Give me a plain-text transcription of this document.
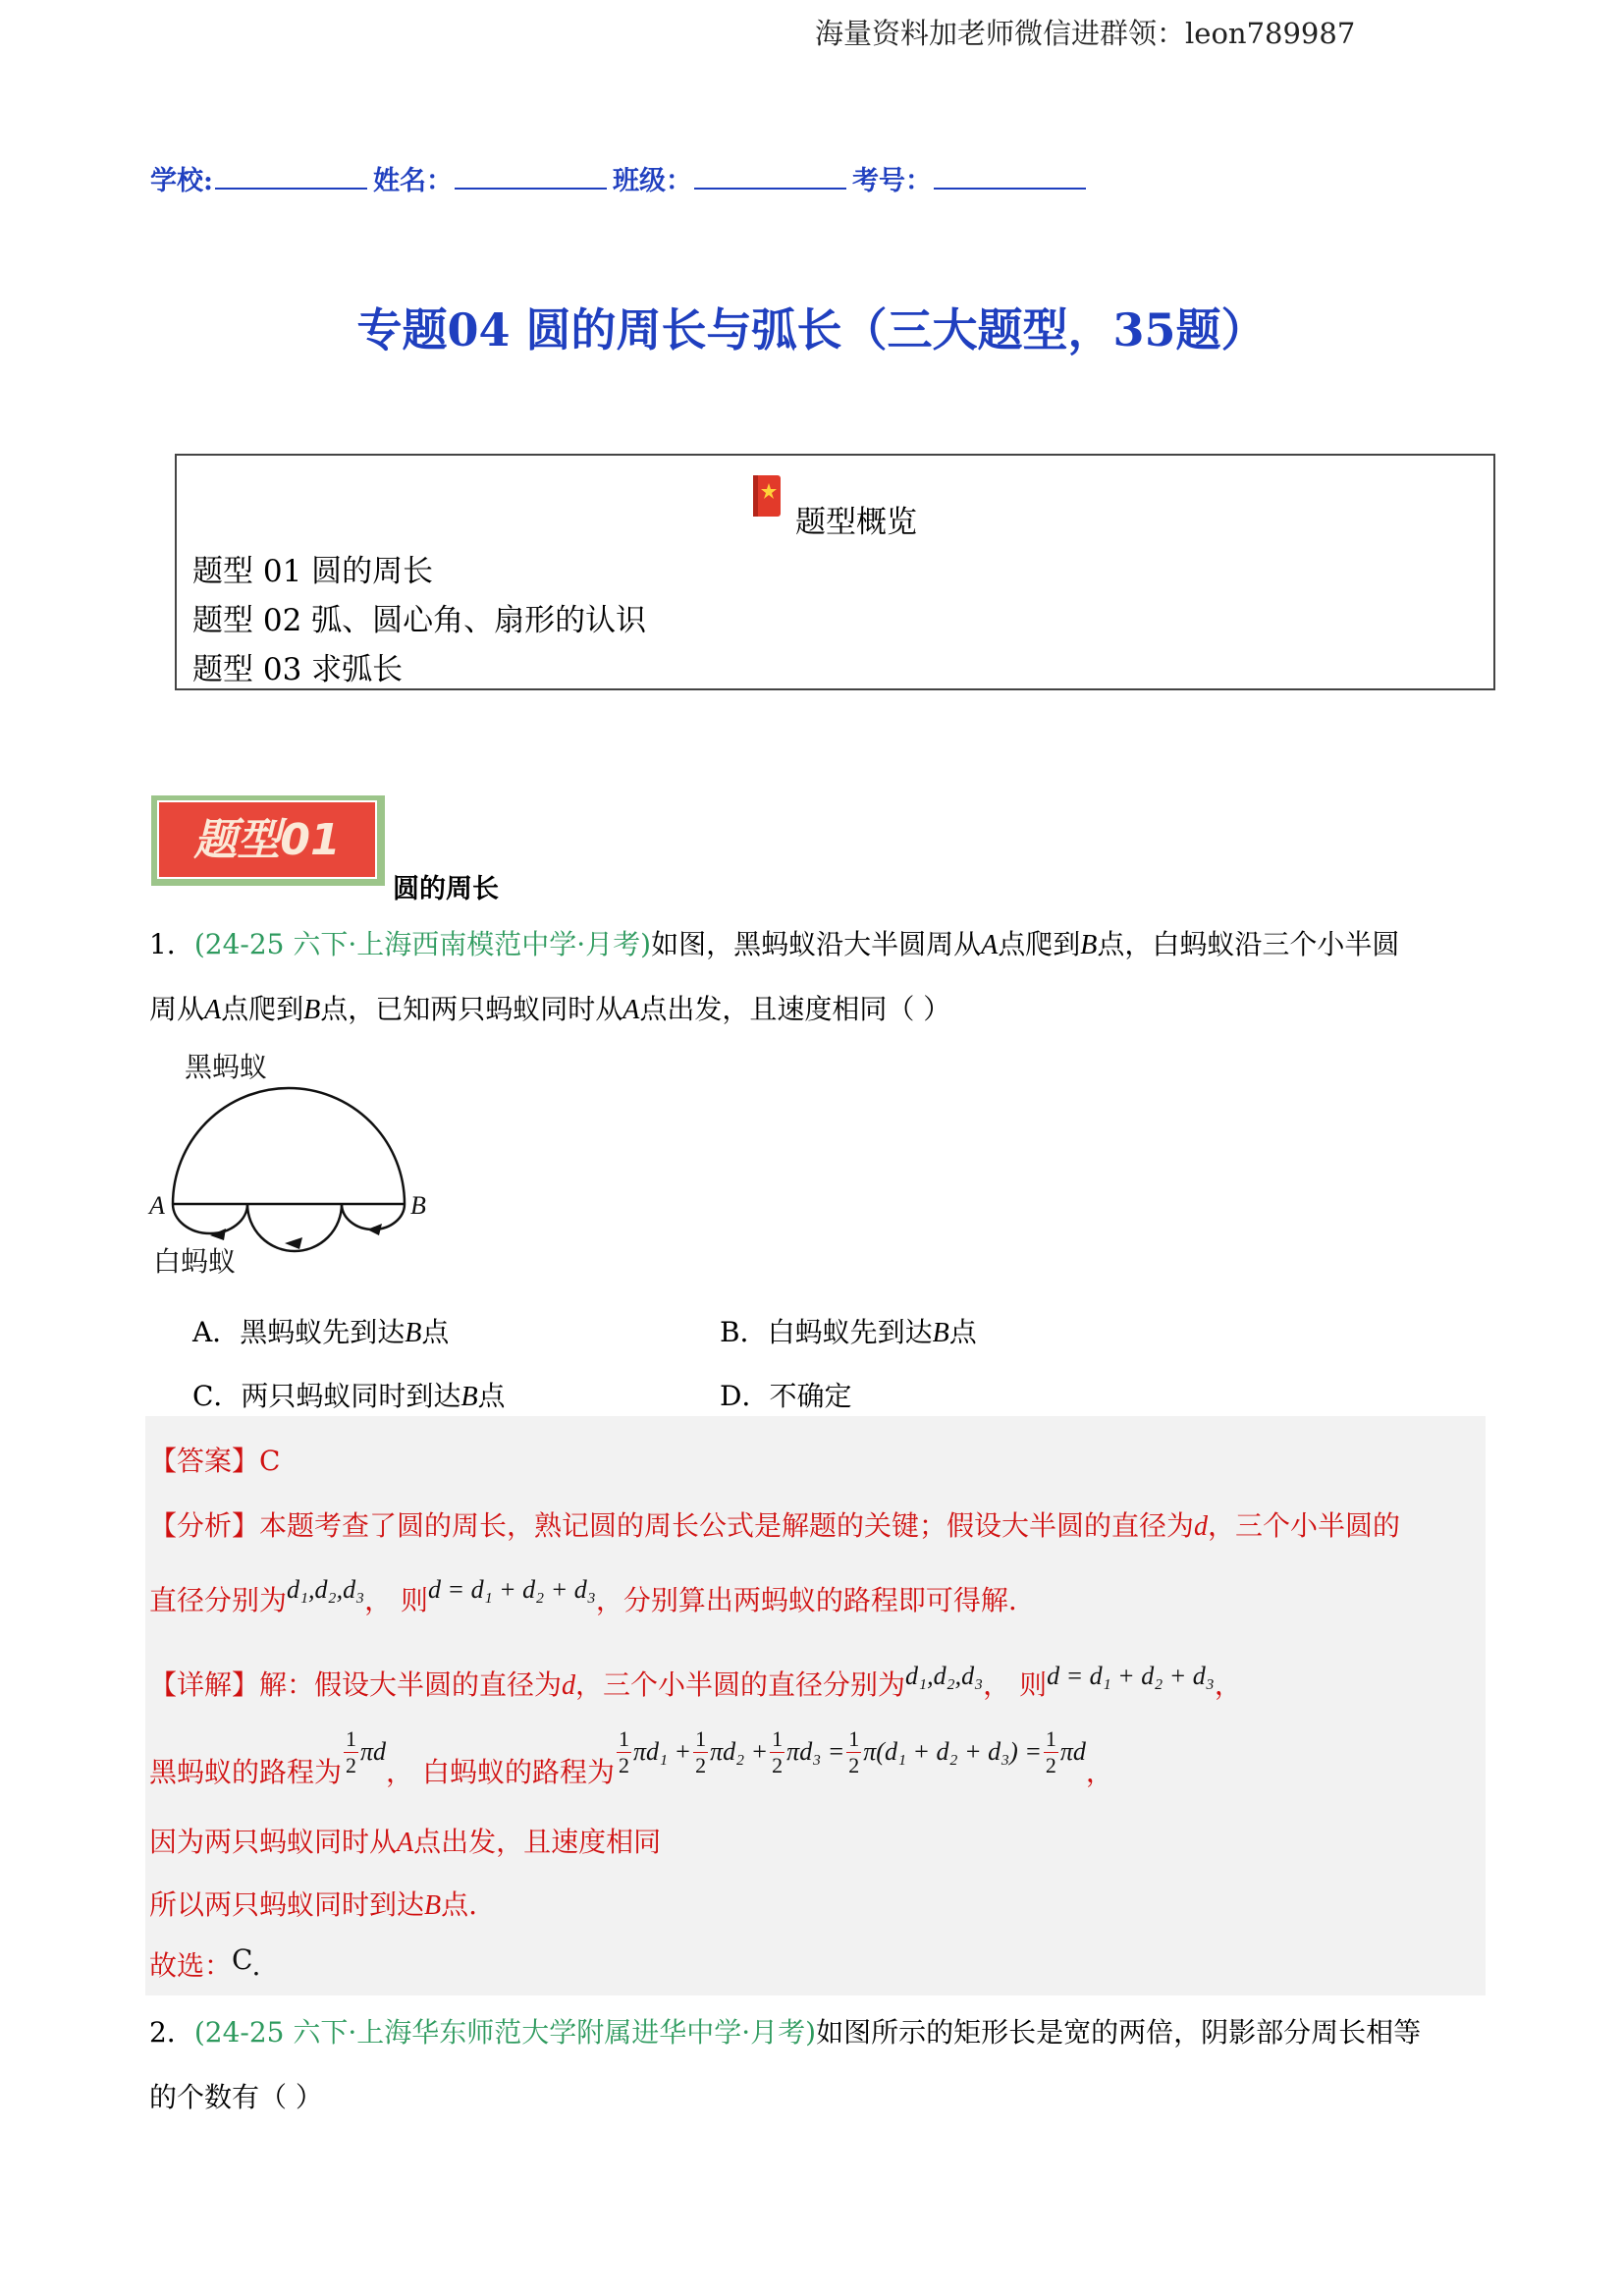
海量资料加老师微信进群领：leon789987
学校:	姓名：	班级：	考号：
专题04 圆的周长与弧长（三大题型，35题）
题型概览
题型 01 圆的周长
题型 02 弧、圆心角、扇形的认识
题型 03 求弧长
题型01
圆的周长
1．(24-25 六下·上海西南模范中学·月考)如图，黑蚂蚁沿大半圆周从A点爬到B点，白蚂蚁沿三个小半圆
周从A点爬到B点，已知两只蚂蚁同时从A点出发，且速度相同（ ）
黑蚂蚁
A	B
白蚂蚁
A．黑蚂蚁先到达B点	B．白蚂蚁先到达B点
C．两只蚂蚁同时到达B点	D．不确定
【答案】C
【分析】本题考查了圆的周长，熟记圆的周长公式是解题的关键；假设大半圆的直径为d，三个小半圆的
直径分别为d₁,d₂,d₃， 则d = d₁ + d₂ + d₃，分别算出两蚂蚁的路程即可得解.
【详解】解：假设大半圆的直径为d，三个小半圆的直径分别为d₁,d₂,d₃， 则d = d₁ + d₂ + d₃，
黑蚂蚁的路程为 $\frac{1}{2}$ πd， 白蚂蚁的路程为 $\frac{1}{2} \pi d_1 + \frac{1}{2} \pi d_2 + \frac{1}{2} \pi d_3 = \frac{1}{2} \pi(d_1 + d_2 + d_3) = \frac{1}{2}$ πd，
因为两只蚂蚁同时从A点出发，且速度相同
所以两只蚂蚁同时到达B点.
故选：C.
2．(24-25 六下·上海华东师范大学附属进华中学·月考)如图所示的矩形长是宽的两倍，阴影部分周长相等
的个数有（ ）
